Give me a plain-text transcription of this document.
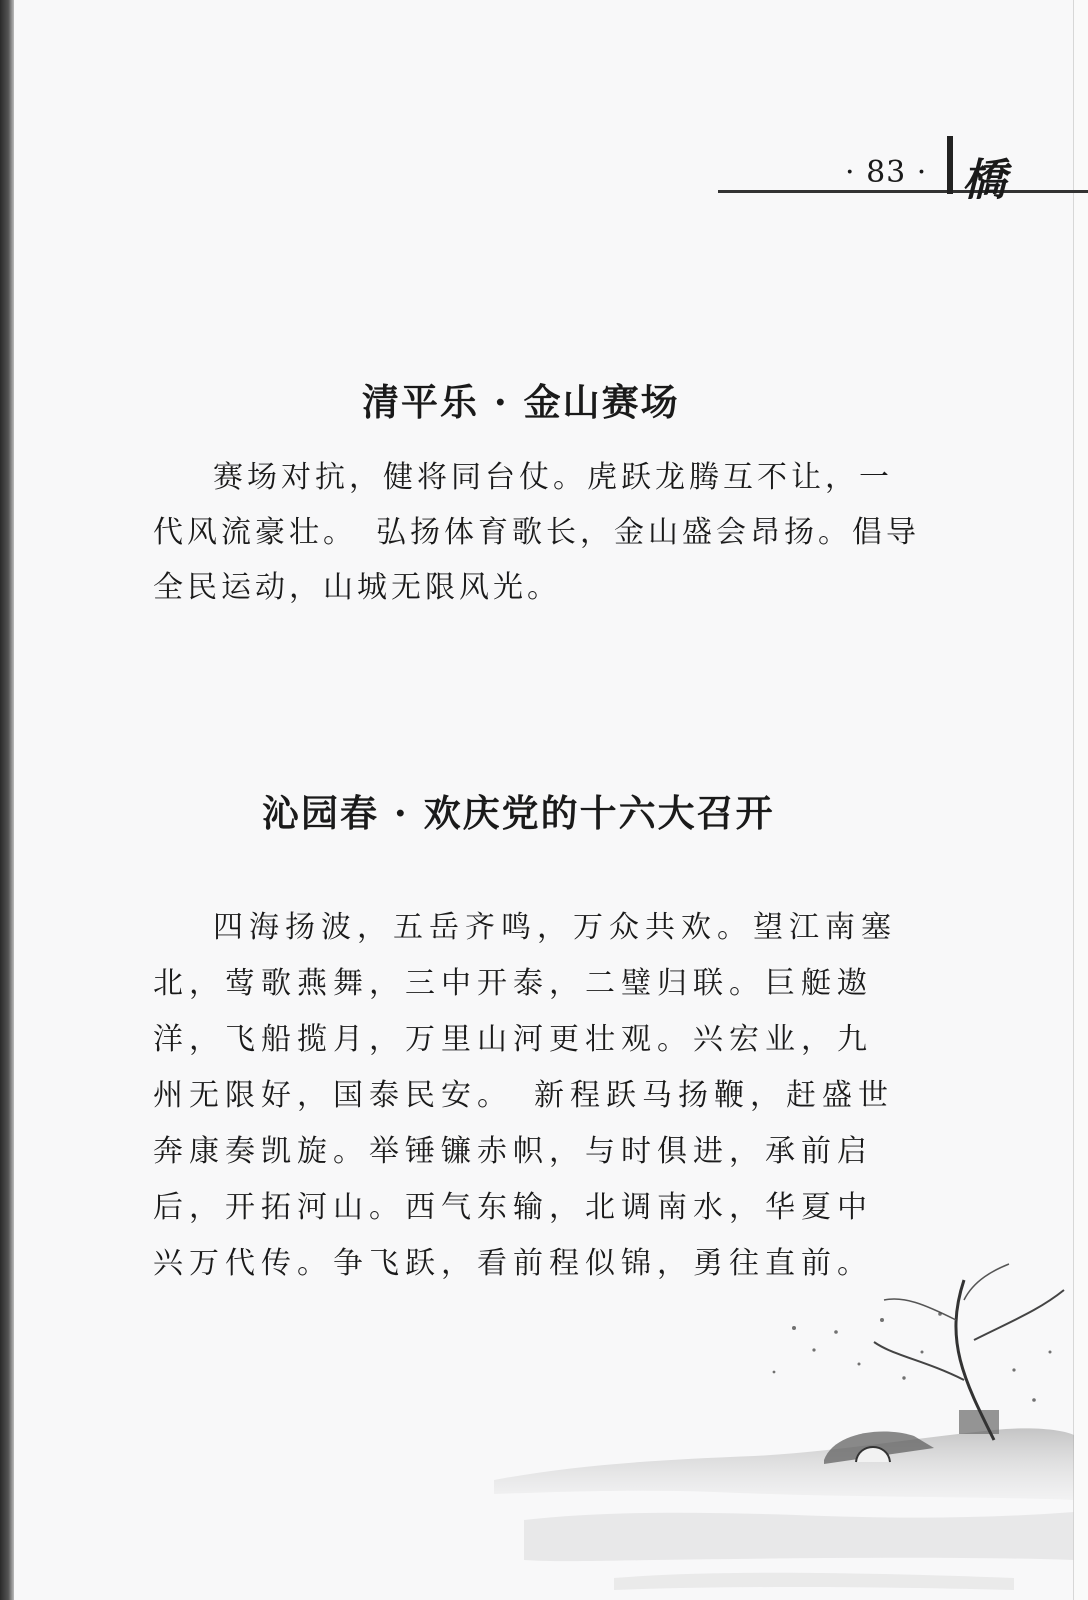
· 83 · 橋
清平乐 · 金山赛场

赛场对抗，健将同台仗。虎跃龙腾互不让，一代风流豪壮。　弘扬体育歌长，金山盛会昂扬。倡导全民运动，山城无限风光。

沁园春 · 欢庆党的十六大召开

四海扬波，五岳齐鸣，万众共欢。望江南塞北，莺歌燕舞，三中开泰，二璧归联。巨艇遨洋，飞船揽月，万里山河更壮观。兴宏业，九州无限好，国泰民安。　新程跃马扬鞭，赶盛世奔康奏凯旋。举锤镰赤帜，与时俱进，承前启后，开拓河山。西气东输，北调南水，华夏中兴万代传。争飞跃，看前程似锦，勇往直前。
